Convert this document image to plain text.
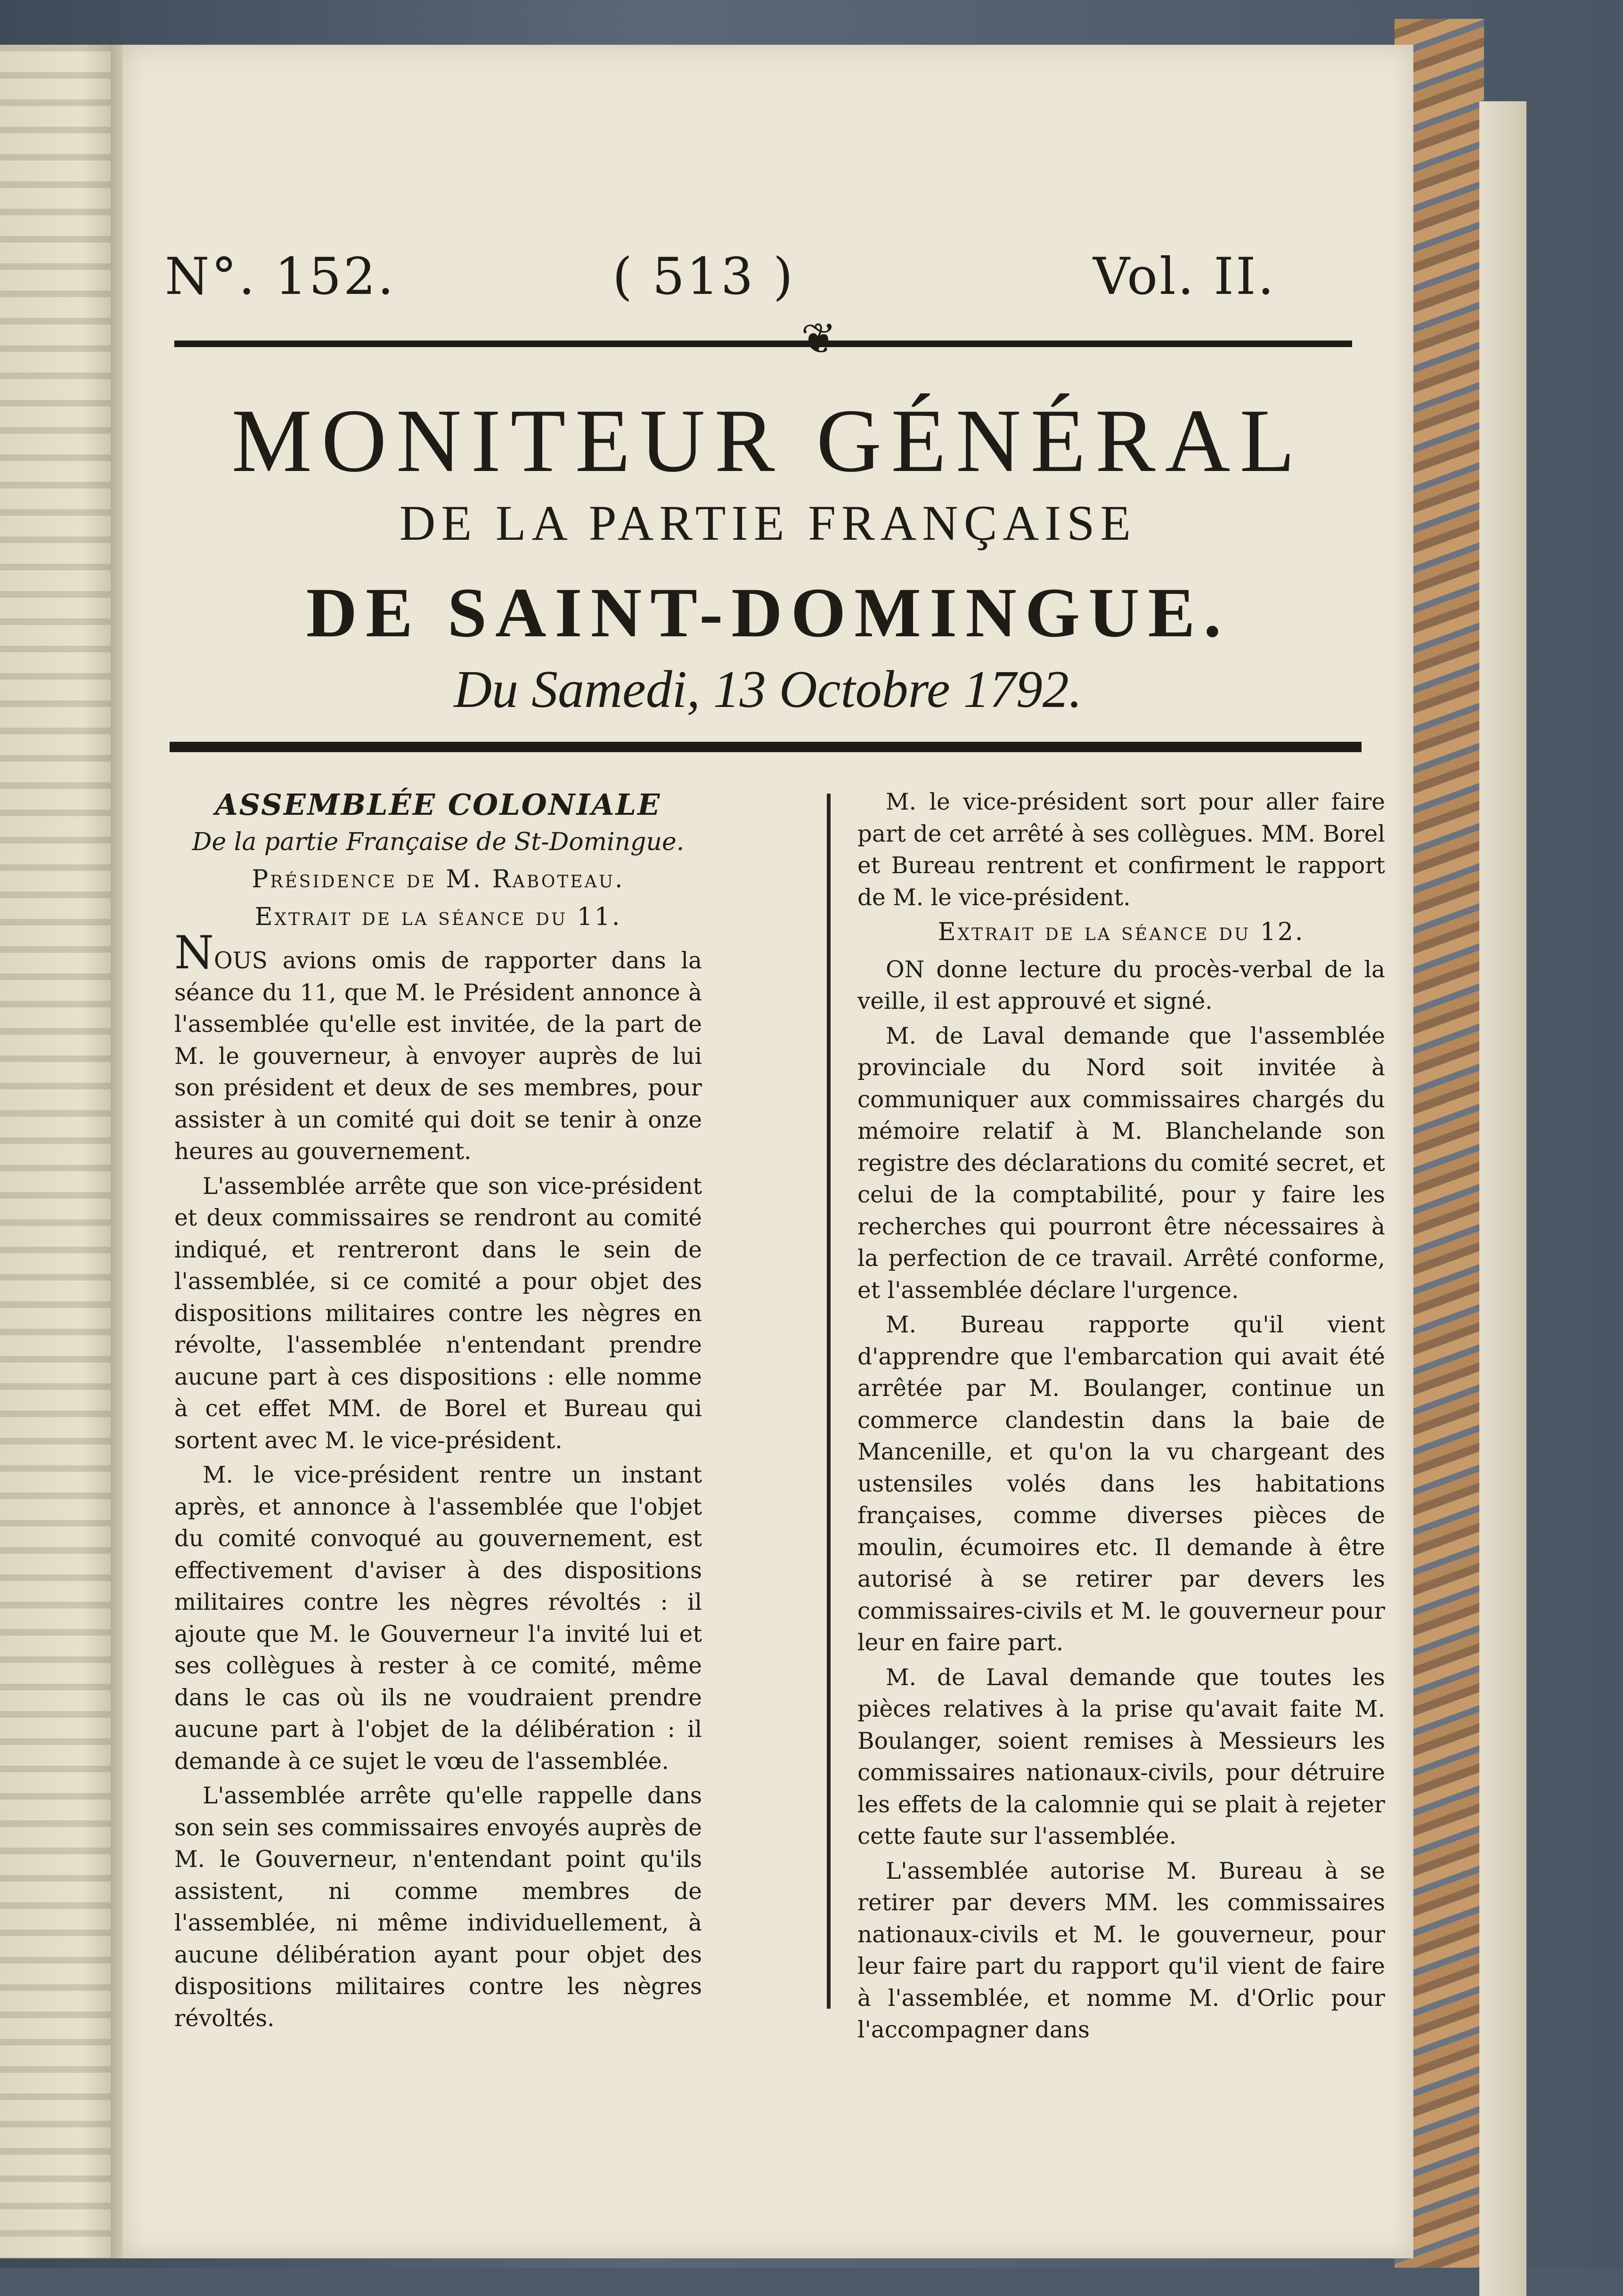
N°. 152.	( 513 )	Vol. II.
❦
MONITEUR GÉNÉRAL
DE LA PARTIE FRANÇAISE
DE SAINT-DOMINGUE.
Du Samedi, 13 Octobre 1792.

ASSEMBLÉE COLONIALE

De la partie Française de St-Domingue.

Présidence de M. Raboteau.

Extrait de la séance du 11.

NOUS avions omis de rapporter dans la séance du 11, que M. le Président annonce à l'assemblée qu'elle est invitée, de la part de M. le gouverneur, à envoyer auprès de lui son président et deux de ses membres, pour assister à un comité qui doit se tenir à onze heures au gouvernement.

L'assemblée arrête que son vice-président et deux commissaires se rendront au comité indiqué, et rentreront dans le sein de l'assemblée, si ce comité a pour objet des dispositions militaires contre les nègres en révolte, l'assemblée n'entendant prendre aucune part à ces dispositions : elle nomme à cet effet MM. de Borel et Bureau qui sortent avec M. le vice-président.

M. le vice-président rentre un instant après, et annonce à l'assemblée que l'objet du comité convoqué au gouvernement, est effectivement d'aviser à des dispositions militaires contre les nègres révoltés : il ajoute que M. le Gouverneur l'a invité lui et ses collègues à rester à ce comité, même dans le cas où ils ne voudraient prendre aucune part à l'objet de la délibération : il demande à ce sujet le vœu de l'assemblée.

L'assemblée arrête qu'elle rappelle dans son sein ses commissaires envoyés auprès de M. le Gouverneur, n'entendant point qu'ils assistent, ni comme membres de l'assemblée, ni même individuellement, à aucune délibération ayant pour objet des dispositions militaires contre les nègres révoltés.

M. le vice-président sort pour aller faire part de cet arrêté à ses collègues. MM. Borel et Bureau rentrent et confirment le rapport de M. le vice-président.

Extrait de la séance du 12.

ON donne lecture du procès-verbal de la veille, il est approuvé et signé.

M. de Laval demande que l'assemblée provinciale du Nord soit invitée à communiquer aux commissaires chargés du mémoire relatif à M. Blanchelande son registre des déclarations du comité secret, et celui de la comptabilité, pour y faire les recherches qui pourront être nécessaires à la perfection de ce travail. Arrêté conforme, et l'assemblée déclare l'urgence.

M. Bureau rapporte qu'il vient d'apprendre que l'embarcation qui avait été arrêtée par M. Boulanger, continue un commerce clandestin dans la baie de Mancenille, et qu'on la vu chargeant des ustensiles volés dans les habitations françaises, comme diverses pièces de moulin, écumoires etc. Il demande à être autorisé à se retirer par devers les commissaires-civils et M. le gouverneur pour leur en faire part.

M. de Laval demande que toutes les pièces relatives à la prise qu'avait faite M. Boulanger, soient remises à Messieurs les commissaires nationaux-civils, pour détruire les effets de la calomnie qui se plait à rejeter cette faute sur l'assemblée.

L'assemblée autorise M. Bureau à se retirer par devers MM. les commissaires nationaux-civils et M. le gouverneur, pour leur faire part du rapport qu'il vient de faire à l'assemblée, et nomme M. d'Orlic pour l'accompagner dans
